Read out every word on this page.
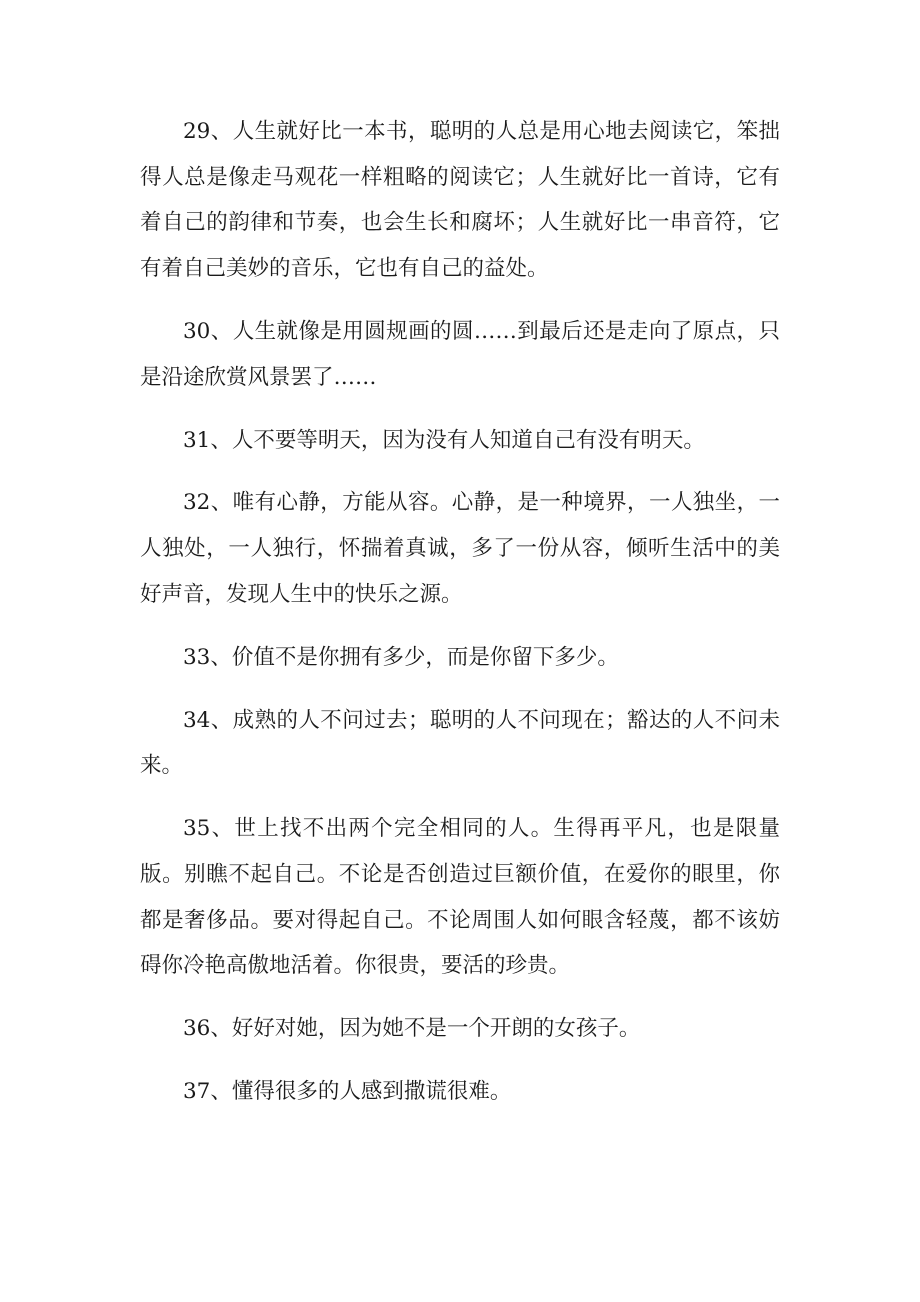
29、人生就好比一本书，聪明的人总是用心地去阅读它，笨拙得人总是像走马观花一样粗略的阅读它；人生就好比一首诗，它有着自己的韵律和节奏，也会生长和腐坏；人生就好比一串音符，它有着自己美妙的音乐，它也有自己的益处。

30、人生就像是用圆规画的圆……到最后还是走向了原点，只是沿途欣赏风景罢了……

31、人不要等明天，因为没有人知道自己有没有明天。

32、唯有心静，方能从容。心静，是一种境界，一人独坐，一人独处，一人独行，怀揣着真诚，多了一份从容，倾听生活中的美好声音，发现人生中的快乐之源。

33、价值不是你拥有多少，而是你留下多少。

34、成熟的人不问过去；聪明的人不问现在；豁达的人不问未来。

35、世上找不出两个完全相同的人。生得再平凡，也是限量版。别瞧不起自己。不论是否创造过巨额价值，在爱你的眼里，你都是奢侈品。要对得起自己。不论周围人如何眼含轻蔑，都不该妨碍你冷艳高傲地活着。你很贵，要活的珍贵。

36、好好对她，因为她不是一个开朗的女孩子。

37、懂得很多的人感到撒谎很难。
